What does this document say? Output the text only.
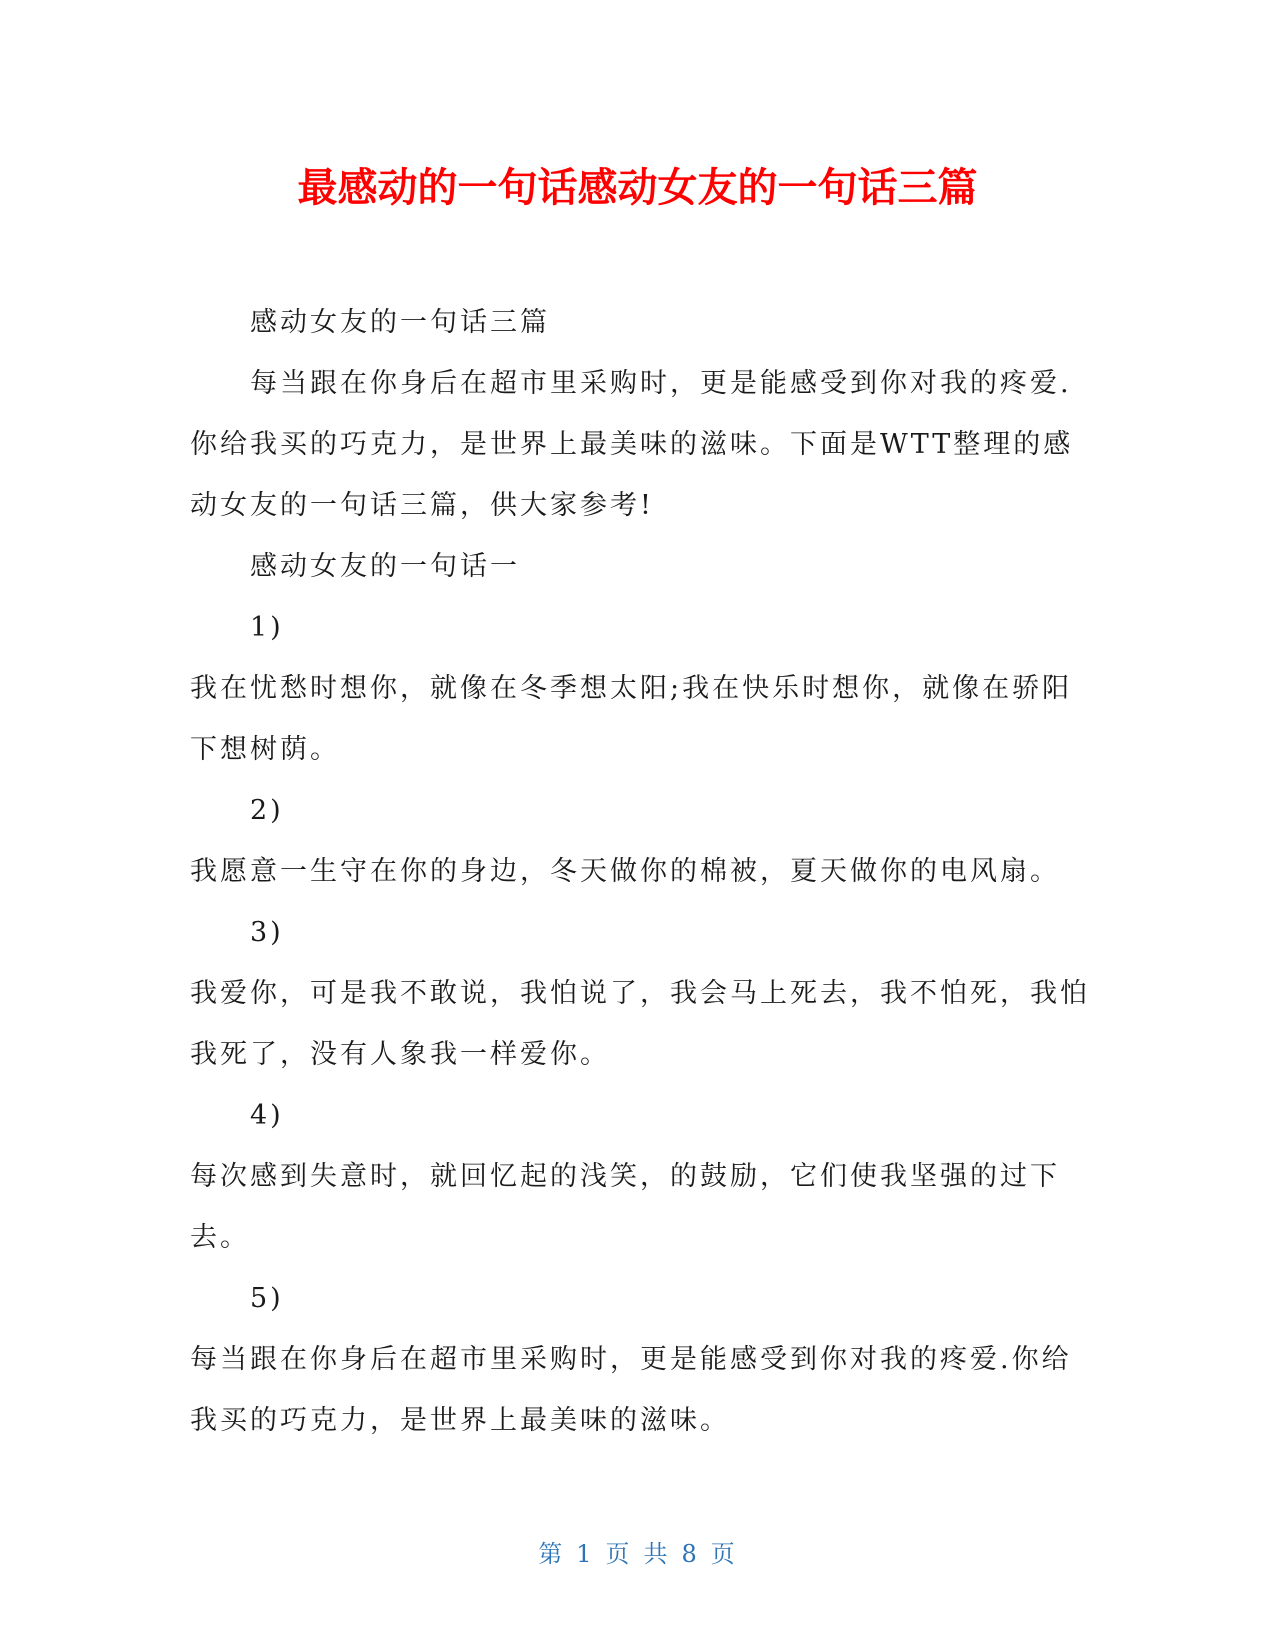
最感动的一句话感动女友的一句话三篇

感动女友的一句话三篇

每当跟在你身后在超市里采购时，更是能感受到你对我的疼爱.你给我买的巧克力，是世界上最美味的滋味。下面是WTT整理的感动女友的一句话三篇，供大家参考!

感动女友的一句话一

1)

我在忧愁时想你，就像在冬季想太阳;我在快乐时想你，就像在骄阳下想树荫。

2)

我愿意一生守在你的身边，冬天做你的棉被，夏天做你的电风扇。

3)

我爱你，可是我不敢说，我怕说了，我会马上死去，我不怕死，我怕我死了，没有人象我一样爱你。

4)

每次感到失意时，就回忆起的浅笑，的鼓励，它们使我坚强的过下去。

5)

每当跟在你身后在超市里采购时，更是能感受到你对我的疼爱.你给我买的巧克力，是世界上最美味的滋味。

第 1 页 共 8 页
